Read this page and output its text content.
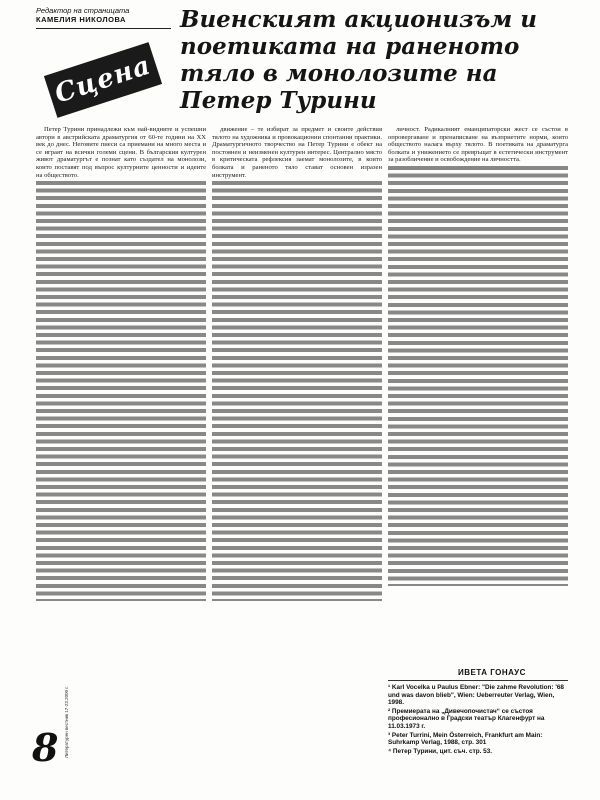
Редактор на страницата
КАМЕЛИЯ НИКОЛОВА
Сцена
Виенският акционизъм и поетиката на раненото тяло в монолозите на Петер Турини

Петер Турини принадлежи към най-видните и успешни автори в австрийската драматургия от 60-те години на ХХ век до днес. Неговите пиеси са приемани на много места и се играят на всички големи сцени. В българския културен живот драматургът е познат като създател на монолози, които поставят под въпрос културните ценности и идеите на обществото.

движение – те избират за предмет и своите действия тялото на художника и провокационни спонтанни практики. Драматургичното творчество на Петер Турини е обект на постоянен и неизменен културен интерес. Централно място в критическата рефлексия заемат монолозите, в които болката и раненото тяло стават основен изразен инструмент.

личност. Радикалният еманципаторски жест се състои в опровергаване и пренаписване на възприетите норми, които обществото налага върху тялото. В поетиката на драматурга болката и унижението се превръщат в естетически инструмент за разобличение и освобождение на личността.

ИВЕТА ГОНАУС
¹ Karl Vocelka u Paulus Ebner: "Die zahme Revolution: '68 und was davon blieb", Wien: Ueberreuter Verlag, Wien, 1998.
² Премиерата на „Дивечопочистач“ се състоя професионално в Градски театър Клагенфурт на 11.03.1973 г.
³ Peter Turrini, Mein Österreich, Frankfurt am Main: Suhrkamp Verlag, 1988, стр. 301
⁴ Петер Турини, цит. съч. стр. 53.
8 Литературен вестник 17-23.2000 г.
